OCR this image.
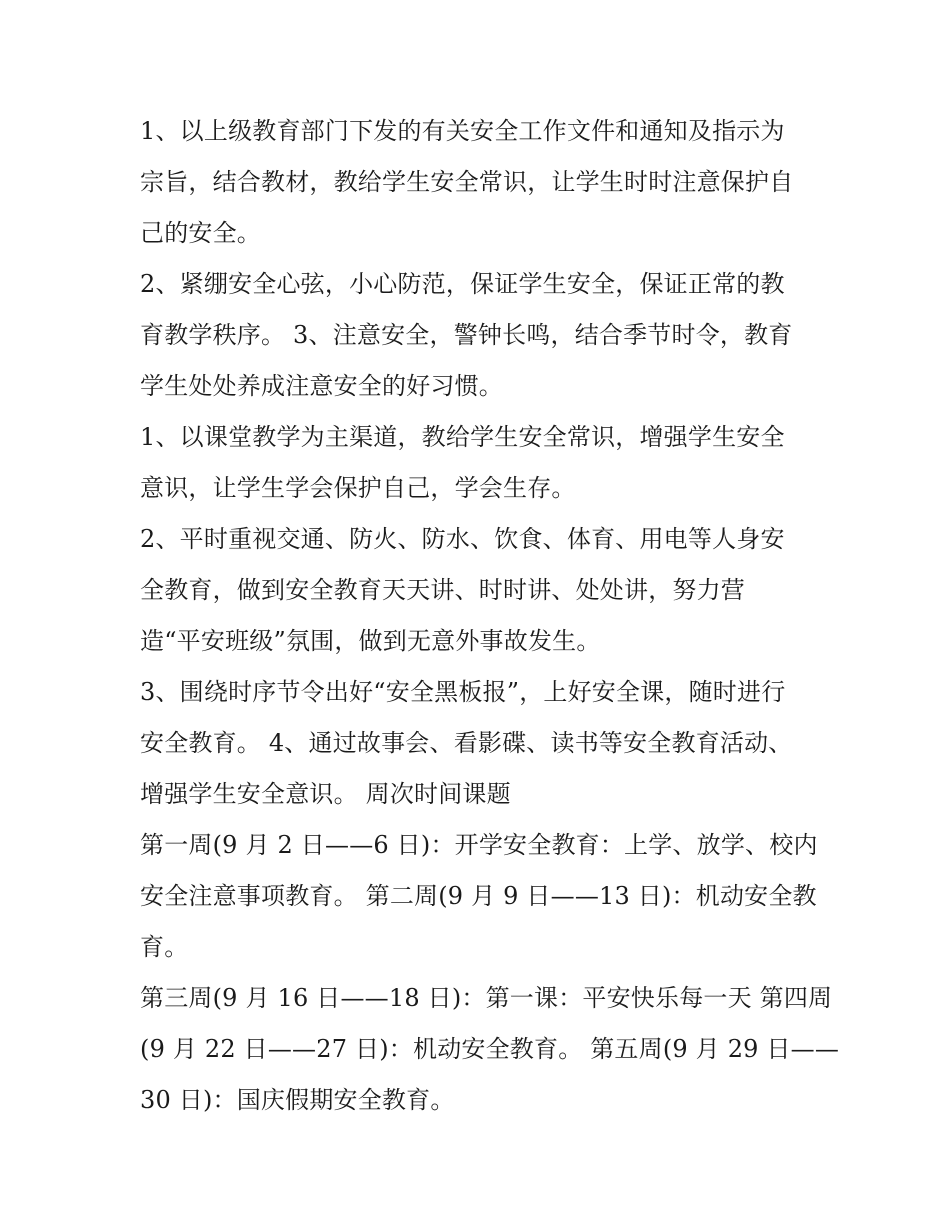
1、以上级教育部门下发的有关安全工作文件和通知及指示为
宗旨，结合教材，教给学生安全常识，让学生时时注意保护自
己的安全。
2、紧绷安全心弦，小心防范，保证学生安全，保证正常的教
育教学秩序。 3、注意安全，警钟长鸣，结合季节时令，教育
学生处处养成注意安全的好习惯。
1、以课堂教学为主渠道，教给学生安全常识，增强学生安全
意识，让学生学会保护自己，学会生存。
2、平时重视交通、防火、防水、饮食、体育、用电等人身安
全教育，做到安全教育天天讲、时时讲、处处讲，努力营
造“平安班级”氛围，做到无意外事故发生。
3、围绕时序节令出好“安全黑板报”，上好安全课，随时进行
安全教育。 4、通过故事会、看影碟、读书等安全教育活动、
增强学生安全意识。 周次时间课题
第一周(9 月 2 日——6 日)：开学安全教育：上学、放学、校内
安全注意事项教育。 第二周(9 月 9 日——13 日)：机动安全教
育。
第三周(9 月 16 日——18 日)：第一课：平安快乐每一天 第四周
(9 月 22 日——27 日)：机动安全教育。 第五周(9 月 29 日——
30 日)：国庆假期安全教育。
